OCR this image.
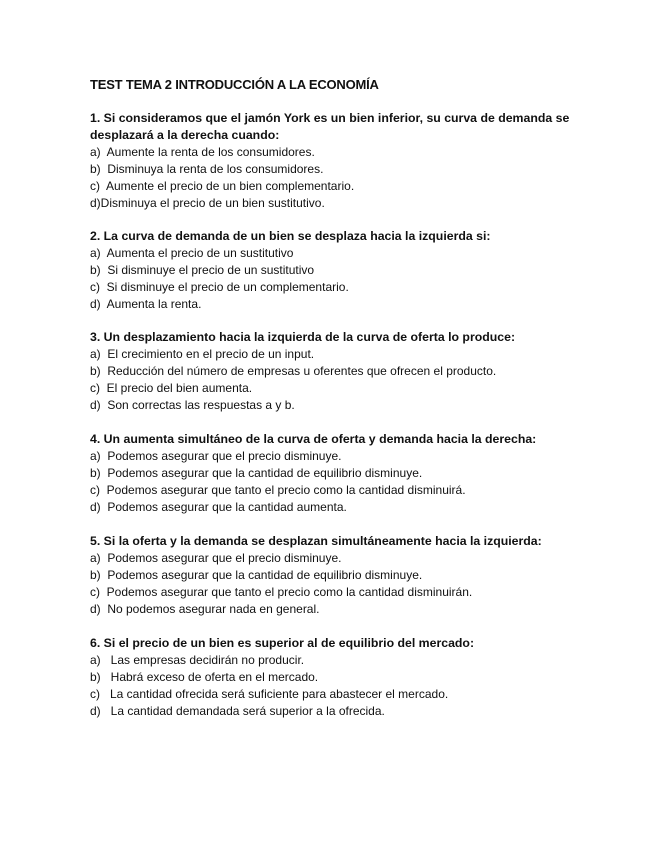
TEST TEMA 2 INTRODUCCIÓN A LA ECONOMÍA
1. Si consideramos que el jamón York es un bien inferior, su curva de demanda se
desplazará a la derecha cuando:
a)  Aumente la renta de los consumidores.
b)  Disminuya la renta de los consumidores.
c)  Aumente el precio de un bien complementario.
d)Disminuya el precio de un bien sustitutivo.
2. La curva de demanda de un bien se desplaza hacia la izquierda si:
a)  Aumenta el precio de un sustitutivo
b)  Si disminuye el precio de un sustitutivo
c)  Si disminuye el precio de un complementario.
d)  Aumenta la renta.
3. Un desplazamiento hacia la izquierda de la curva de oferta lo produce:
a)  El crecimiento en el precio de un input.
b)  Reducción del número de empresas u oferentes que ofrecen el producto.
c)  El precio del bien aumenta.
d)  Son correctas las respuestas a y b.
4. Un aumenta simultáneo de la curva de oferta y demanda hacia la derecha:
a)  Podemos asegurar que el precio disminuye.
b)  Podemos asegurar que la cantidad de equilibrio disminuye.
c)  Podemos asegurar que tanto el precio como la cantidad disminuirá.
d)  Podemos asegurar que la cantidad aumenta.
5. Si la oferta y la demanda se desplazan simultáneamente hacia la izquierda:
a)  Podemos asegurar que el precio disminuye.
b)  Podemos asegurar que la cantidad de equilibrio disminuye.
c)  Podemos asegurar que tanto el precio como la cantidad disminuirán.
d)  No podemos asegurar nada en general.
6. Si el precio de un bien es superior al de equilibrio del mercado:
a)   Las empresas decidirán no producir.
b)   Habrá exceso de oferta en el mercado.
c)   La cantidad ofrecida será suficiente para abastecer el mercado.
d)   La cantidad demandada será superior a la ofrecida.
